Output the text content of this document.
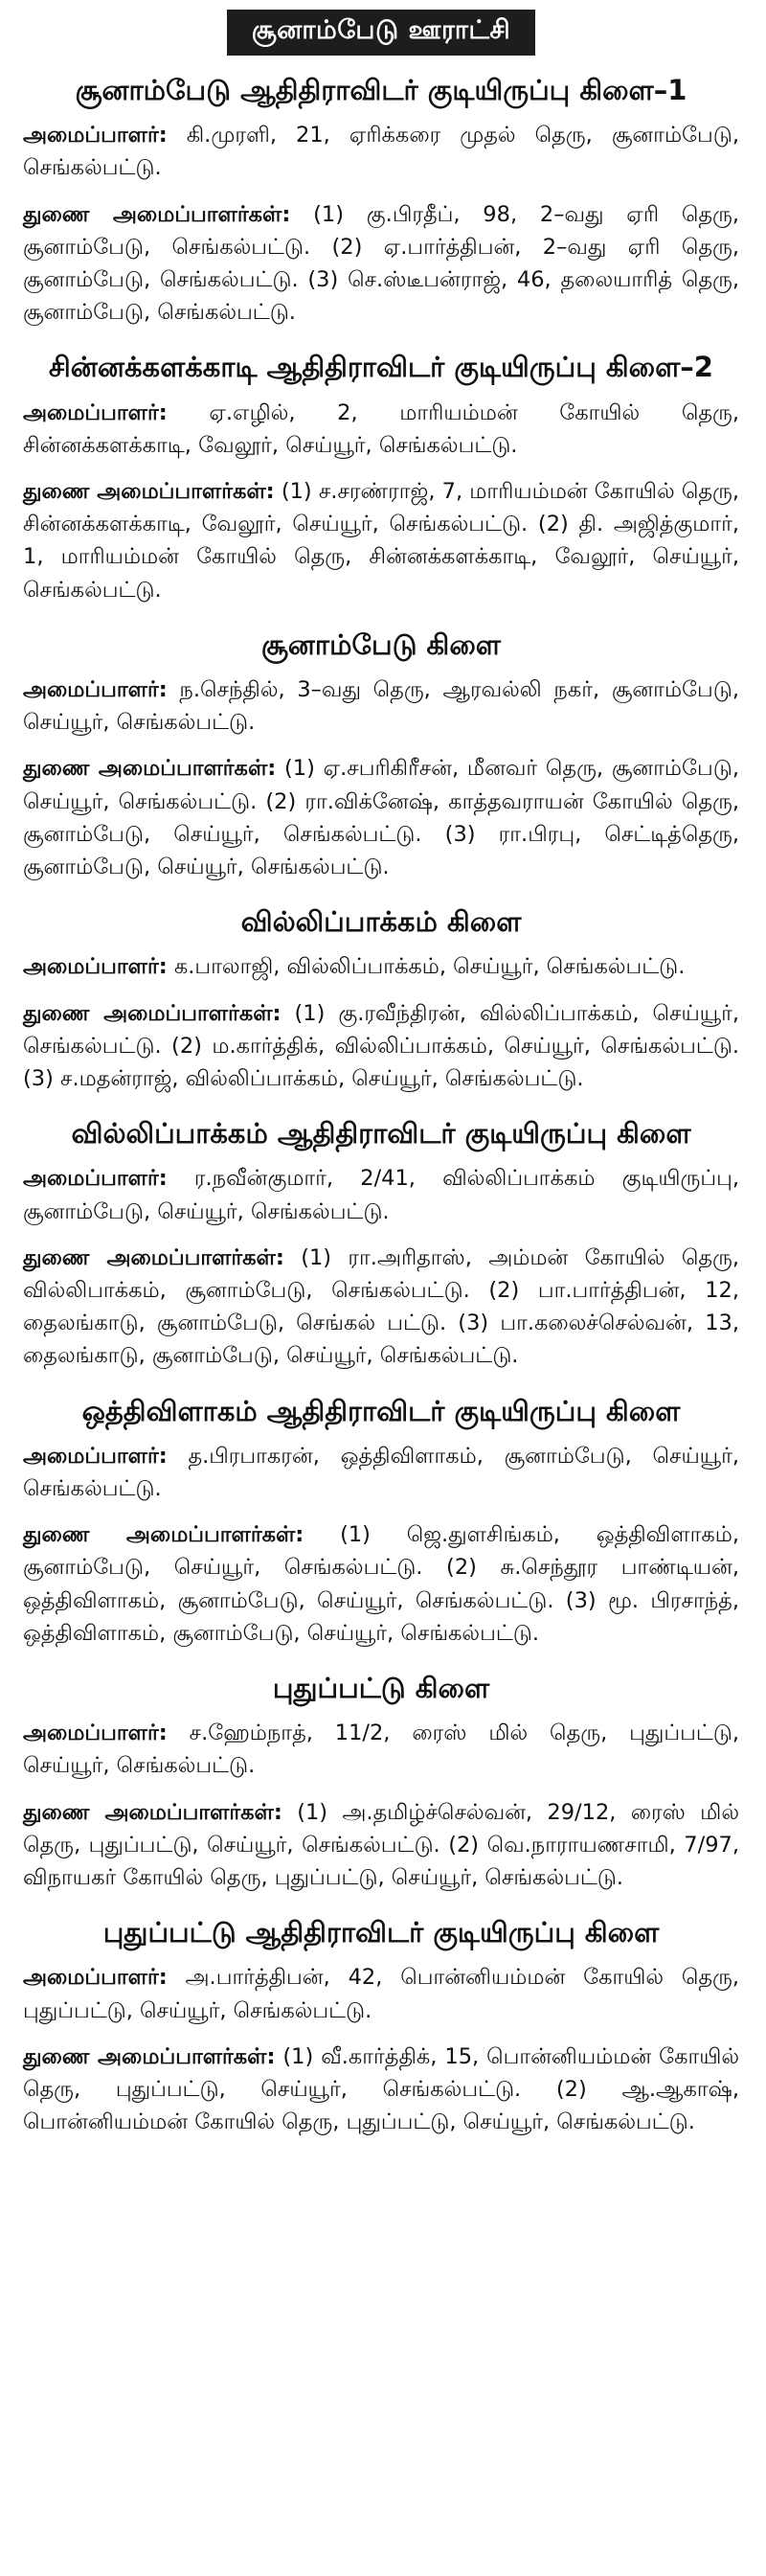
சூனாம்பேடு ஊராட்சி
சூனாம்பேடு ஆதிதிராவிடர் குடியிருப்பு கிளை–1

அமைப்பாளர்: கி.முரளி, 21, ஏரிக்கரை முதல் தெரு, சூனாம்பேடு, செங்கல்பட்டு.

துணை அமைப்பாளர்கள்: (1) கு.பிரதீப், 98, 2–வது ஏரி தெரு, சூனாம்பேடு, செங்கல்பட்டு. (2) ஏ.பார்த்திபன், 2–வது ஏரி தெரு, சூனாம்பேடு, செங்கல்பட்டு. (3) செ.ஸ்டீபன்ராஜ், 46, தலையாரித் தெரு, சூனாம்பேடு, செங்கல்பட்டு.

சின்னக்களக்காடி ஆதிதிராவிடர் குடியிருப்பு கிளை–2

அமைப்பாளர்: ஏ.எழில், 2, மாரியம்மன் கோயில் தெரு, சின்னக்களக்காடி, வேலூர், செய்யூர், செங்கல்பட்டு.

துணை அமைப்பாளர்கள்: (1) ச.சரண்ராஜ், 7, மாரியம்மன் கோயில் தெரு, சின்னக்களக்காடி, வேலூர், செய்யூர், செங்கல்பட்டு. (2) தி. அஜித்குமார், 1, மாரியம்மன் கோயில் தெரு, சின்னக்களக்காடி, வேலூர், செய்யூர், செங்கல்பட்டு.

சூனாம்பேடு கிளை

அமைப்பாளர்: ந.செந்தில், 3–வது தெரு, ஆரவல்லி நகர், சூனாம்பேடு, செய்யூர், செங்கல்பட்டு.

துணை அமைப்பாளர்கள்: (1) ஏ.சபரிகிரீசன், மீனவர் தெரு, சூனாம்பேடு, செய்யூர், செங்கல்பட்டு. (2) ரா.விக்னேஷ், காத்தவராயன் கோயில் தெரு, சூனாம்பேடு, செய்யூர், செங்கல்பட்டு. (3) ரா.பிரபு, செட்டித்தெரு, சூனாம்பேடு, செய்யூர், செங்கல்பட்டு.

வில்லிப்பாக்கம் கிளை

அமைப்பாளர்: க.பாலாஜி, வில்லிப்பாக்கம், செய்யூர், செங்கல்பட்டு.

துணை அமைப்பாளர்கள்: (1) கு.ரவீந்திரன், வில்லிப்பாக்கம், செய்யூர், செங்கல்பட்டு. (2) ம.கார்த்திக், வில்லிப்பாக்கம், செய்யூர், செங்கல்பட்டு. (3) ச.மதன்ராஜ், வில்லிப்பாக்கம், செய்யூர், செங்கல்பட்டு.

வில்லிப்பாக்கம் ஆதிதிராவிடர் குடியிருப்பு கிளை

அமைப்பாளர்: ர.நவீன்குமார், 2/41, வில்லிப்பாக்கம் குடியிருப்பு, சூனாம்பேடு, செய்யூர், செங்கல்பட்டு.

துணை அமைப்பாளர்கள்: (1) ரா.அரிதாஸ், அம்மன் கோயில் தெரு, வில்லிபாக்கம், சூனாம்பேடு, செங்கல்பட்டு. (2) பா.பார்த்திபன், 12, தைலங்காடு, சூனாம்பேடு, செங்கல் பட்டு. (3) பா.கலைச்செல்வன், 13, தைலங்காடு, சூனாம்பேடு, செய்யூர், செங்கல்பட்டு.

ஒத்திவிளாகம் ஆதிதிராவிடர் குடியிருப்பு கிளை

அமைப்பாளர்: த.பிரபாகரன், ஒத்திவிளாகம், சூனாம்பேடு, செய்யூர், செங்கல்பட்டு.

துணை அமைப்பாளர்கள்: (1) ஜெ.துளசிங்கம், ஒத்திவிளாகம், சூனாம்பேடு, செய்யூர், செங்கல்பட்டு. (2) சு.செந்தூர பாண்டியன், ஒத்திவிளாகம், சூனாம்பேடு, செய்யூர், செங்கல்பட்டு. (3) மூ. பிரசாந்த், ஒத்திவிளாகம், சூனாம்பேடு, செய்யூர், செங்கல்பட்டு.

புதுப்பட்டு கிளை

அமைப்பாளர்: ச.ஹேம்நாத், 11/2, ரைஸ் மில் தெரு, புதுப்பட்டு, செய்யூர், செங்கல்பட்டு.

துணை அமைப்பாளர்கள்: (1) அ.தமிழ்ச்செல்வன், 29/12, ரைஸ் மில் தெரு, புதுப்பட்டு, செய்யூர், செங்கல்பட்டு. (2) வெ.நாராயணசாமி, 7/97, விநாயகர் கோயில் தெரு, புதுப்பட்டு, செய்யூர், செங்கல்பட்டு.

புதுப்பட்டு ஆதிதிராவிடர் குடியிருப்பு கிளை

அமைப்பாளர்: அ.பார்த்திபன், 42, பொன்னியம்மன் கோயில் தெரு, புதுப்பட்டு, செய்யூர், செங்கல்பட்டு.

துணை அமைப்பாளர்கள்: (1) வீ.கார்த்திக், 15, பொன்னியம்மன் கோயில் தெரு, புதுப்பட்டு, செய்யூர், செங்கல்பட்டு. (2) ஆ.ஆகாஷ், பொன்னியம்மன் கோயில் தெரு, புதுப்பட்டு, செய்யூர், செங்கல்பட்டு.
